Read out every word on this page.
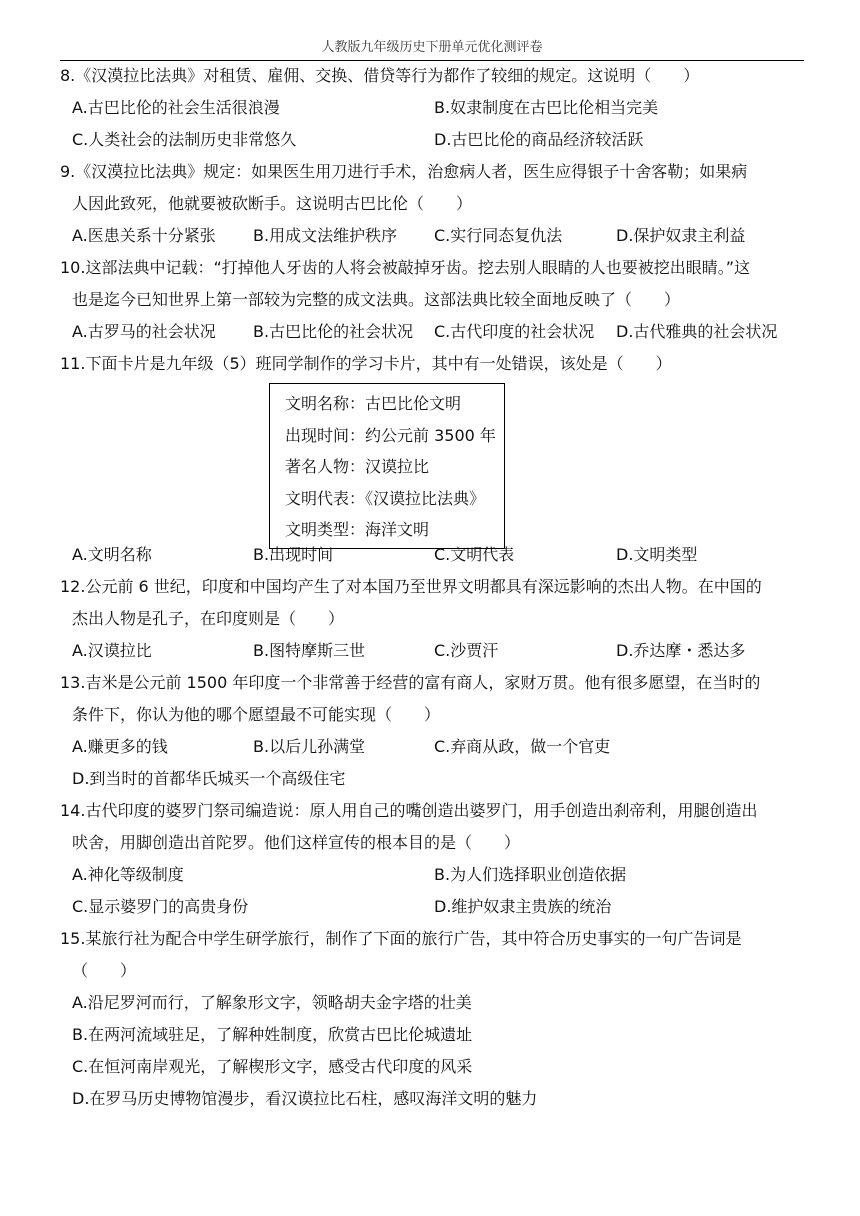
人教版九年级历史下册单元优化测评卷
8.《汉漠拉比法典》对租赁、雇佣、交换、借贷等行为都作了较细的规定。这说明（　　）
A.古巴比伦的社会生活很浪漫	B.奴隶制度在古巴比伦相当完美
C.人类社会的法制历史非常悠久	D.古巴比伦的商品经济较活跃
9.《汉漠拉比法典》规定：如果医生用刀进行手术，治愈病人者，医生应得银子十舍客勒；如果病
人因此致死，他就要被砍断手。这说明古巴比伦（　　）
A.医患关系十分紧张 B.用成文法维护秩序 C.实行同态复仇法	D.保护奴隶主利益
10.这部法典中记载：“打掉他人牙齿的人将会被敲掉牙齿。挖去别人眼睛的人也要被挖出眼睛。”这
也是迄今已知世界上第一部较为完整的成文法典。这部法典比较全面地反映了（　　）
A.古罗马的社会状况 B.古巴比伦的社会状况 C.古代印度的社会状况 D.古代雅典的社会状况
11.下面卡片是九年级（5）班同学制作的学习卡片，其中有一处错误，该处是（　　）
文明名称：古巴比伦文明
出现时间：约公元前 3500 年
著名人物：汉谟拉比
文明代表：《汉谟拉比法典》
文明类型：海洋文明
A.文明名称	B.出现时间	C.文明代表	D.文明类型
12.公元前 6 世纪，印度和中国均产生了对本国乃至世界文明都具有深远影响的杰出人物。在中国的
杰出人物是孔子，在印度则是（　　）
A.汉谟拉比	B.图特摩斯三世	C.沙贾汗	D.乔达摩・悉达多
13.吉米是公元前 1500 年印度一个非常善于经营的富有商人，家财万贯。他有很多愿望，在当时的
条件下，你认为他的哪个愿望最不可能实现（　　）
A.赚更多的钱	B.以后儿孙满堂	C.弃商从政，做一个官吏
D.到当时的首都华氏城买一个高级住宅
14.古代印度的婆罗门祭司编造说：原人用自己的嘴创造出婆罗门，用手创造出刹帝利，用腿创造出
吠舍，用脚创造出首陀罗。他们这样宣传的根本目的是（　　）
A.神化等级制度	B.为人们选择职业创造依据
C.显示婆罗门的高贵身份	D.维护奴隶主贵族的统治
15.某旅行社为配合中学生研学旅行，制作了下面的旅行广告，其中符合历史事实的一句广告词是
（　　）
A.沿尼罗河而行，了解象形文字，领略胡夫金字塔的壮美
B.在两河流域驻足，了解种姓制度，欣赏古巴比伦城遗址
C.在恒河南岸观光，了解楔形文字，感受古代印度的风采
D.在罗马历史博物馆漫步，看汉谟拉比石柱，感叹海洋文明的魅力
